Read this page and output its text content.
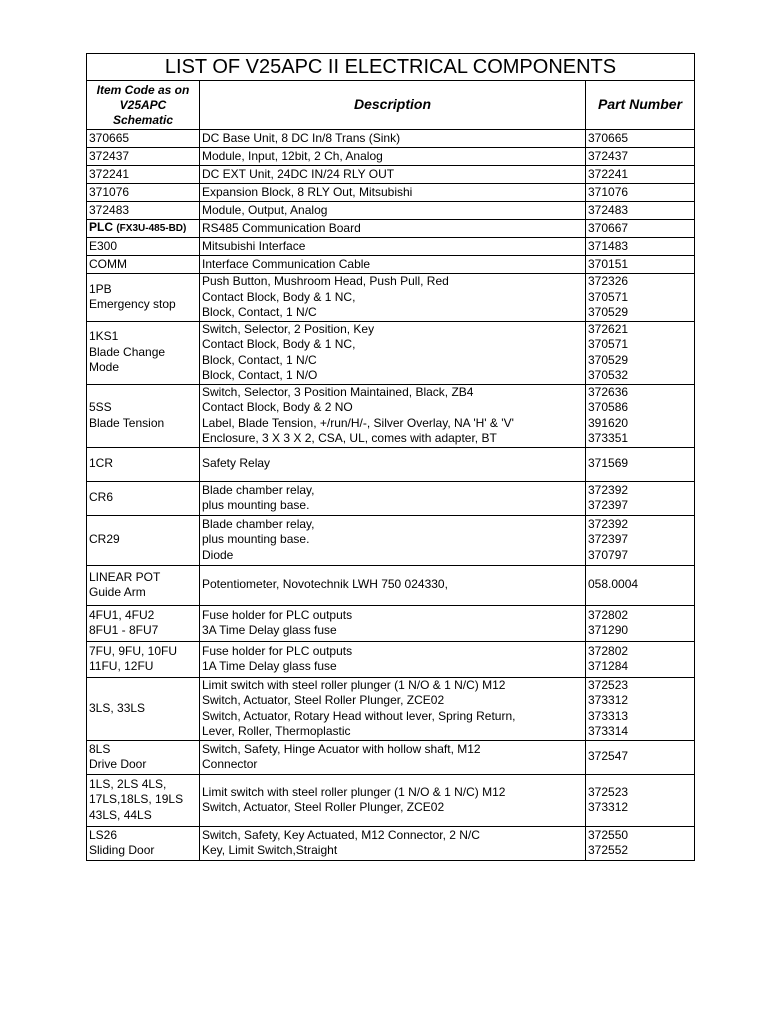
LIST OF V25APC II ELECTRICAL COMPONENTS		

Item Code as on
V25APC
Schematic	Description	Part Number

370665	DC Base Unit, 8 DC In/8 Trans (Sink)	370665

372437	Module, Input, 12bit, 2 Ch, Analog	372437

372241	DC EXT Unit, 24DC IN/24 RLY OUT	372241

371076	Expansion Block, 8 RLY Out, Mitsubishi	371076

372483	Module, Output, Analog	372483

PLC (FX3U-485-BD)	RS485 Communication Board	370667

E300	Mitsubishi Interface	371483

COMM	Interface Communication Cable	370151

1PB
Emergency stop	Push Button, Mushroom Head, Push Pull, Red
Contact Block, Body & 1 NC,
Block, Contact, 1 N/C	372326
370571
370529

1KS1
Blade Change
Mode	Switch, Selector, 2 Position, Key
Contact Block, Body & 1 NC,
Block, Contact, 1 N/C
Block, Contact, 1 N/O	372621
370571
370529
370532

5SS
Blade Tension	Switch, Selector, 3 Position Maintained, Black, ZB4
Contact Block, Body & 2 NO
Label, Blade Tension, +/run/H/-, Silver Overlay, NA 'H' & 'V'
Enclosure, 3 X 3 X 2, CSA, UL, comes with adapter, BT	372636
370586
391620
373351

1CR	Safety Relay	371569

CR6	Blade chamber relay,
plus mounting base.	372392
372397

CR29	Blade chamber relay,
plus mounting base.
Diode	372392
372397
370797

LINEAR POT
Guide Arm	Potentiometer, Novotechnik LWH 750 024330,	058.0004

4FU1, 4FU2
8FU1 - 8FU7	Fuse holder for PLC outputs
3A Time Delay glass fuse	372802
371290

7FU, 9FU, 10FU
11FU, 12FU	Fuse holder for PLC outputs
1A Time Delay glass fuse	372802
371284

3LS, 33LS	Limit switch with steel roller plunger (1 N/O & 1 N/C) M12
Switch, Actuator, Steel Roller Plunger, ZCE02
Switch, Actuator, Rotary Head without lever, Spring Return,
Lever, Roller, Thermoplastic	372523
373312
373313
373314

8LS
Drive Door	Switch, Safety, Hinge Acuator with hollow shaft, M12
Connector	372547

1LS, 2LS 4LS,
17LS,18LS, 19LS
43LS, 44LS	Limit switch with steel roller plunger (1 N/O & 1 N/C) M12
Switch, Actuator, Steel Roller Plunger, ZCE02	372523
373312

LS26
Sliding Door	Switch, Safety, Key Actuated, M12 Connector, 2 N/C
Key, Limit Switch,Straight	372550
372552
